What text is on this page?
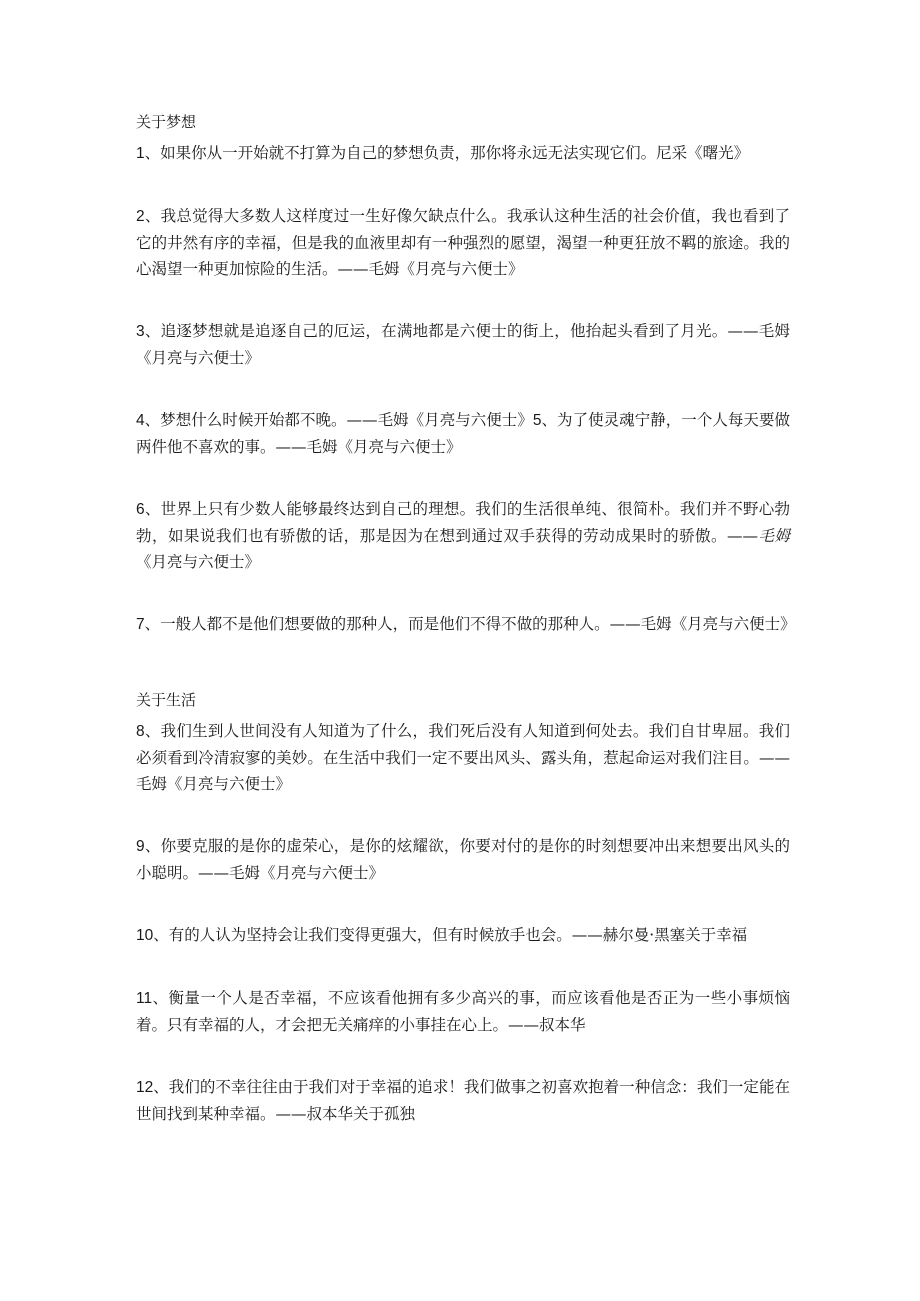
关于梦想

1、如果你从一开始就不打算为自己的梦想负责，那你将永远无法实现它们。尼采《曙光》

2、我总觉得大多数人这样度过一生好像欠缺点什么。我承认这种生活的社会价值，我也看到了它的井然有序的幸福，但是我的血液里却有一种强烈的愿望，渴望一种更狂放不羁的旅途。我的心渴望一种更加惊险的生活。——毛姆《月亮与六便士》

3、追逐梦想就是追逐自己的厄运，在满地都是六便士的街上，他抬起头看到了月光。——毛姆《月亮与六便士》

4、梦想什么时候开始都不晚。——毛姆《月亮与六便士》5、为了使灵魂宁静，一个人每天要做两件他不喜欢的事。——毛姆《月亮与六便士》

6、世界上只有少数人能够最终达到自己的理想。我们的生活很单纯、很简朴。我们并不野心勃勃，如果说我们也有骄傲的话，那是因为在想到通过双手获得的劳动成果时的骄傲。——毛姆《月亮与六便士》

7、一般人都不是他们想要做的那种人，而是他们不得不做的那种人。——毛姆《月亮与六便士》

关于生活

8、我们生到人世间没有人知道为了什么，我们死后没有人知道到何处去。我们自甘卑屈。我们必须看到冷清寂寥的美妙。在生活中我们一定不要出风头、露头角，惹起命运对我们注目。——毛姆《月亮与六便士》

9、你要克服的是你的虚荣心，是你的炫耀欲，你要对付的是你的时刻想要冲出来想要出风头的小聪明。——毛姆《月亮与六便士》

10、有的人认为坚持会让我们变得更强大，但有时候放手也会。——赫尔曼·黑塞关于幸福

11、衡量一个人是否幸福，不应该看他拥有多少高兴的事，而应该看他是否正为一些小事烦恼着。只有幸福的人，才会把无关痛痒的小事挂在心上。——叔本华

12、我们的不幸往往由于我们对于幸福的追求！我们做事之初喜欢抱着一种信念：我们一定能在世间找到某种幸福。——叔本华关于孤独
